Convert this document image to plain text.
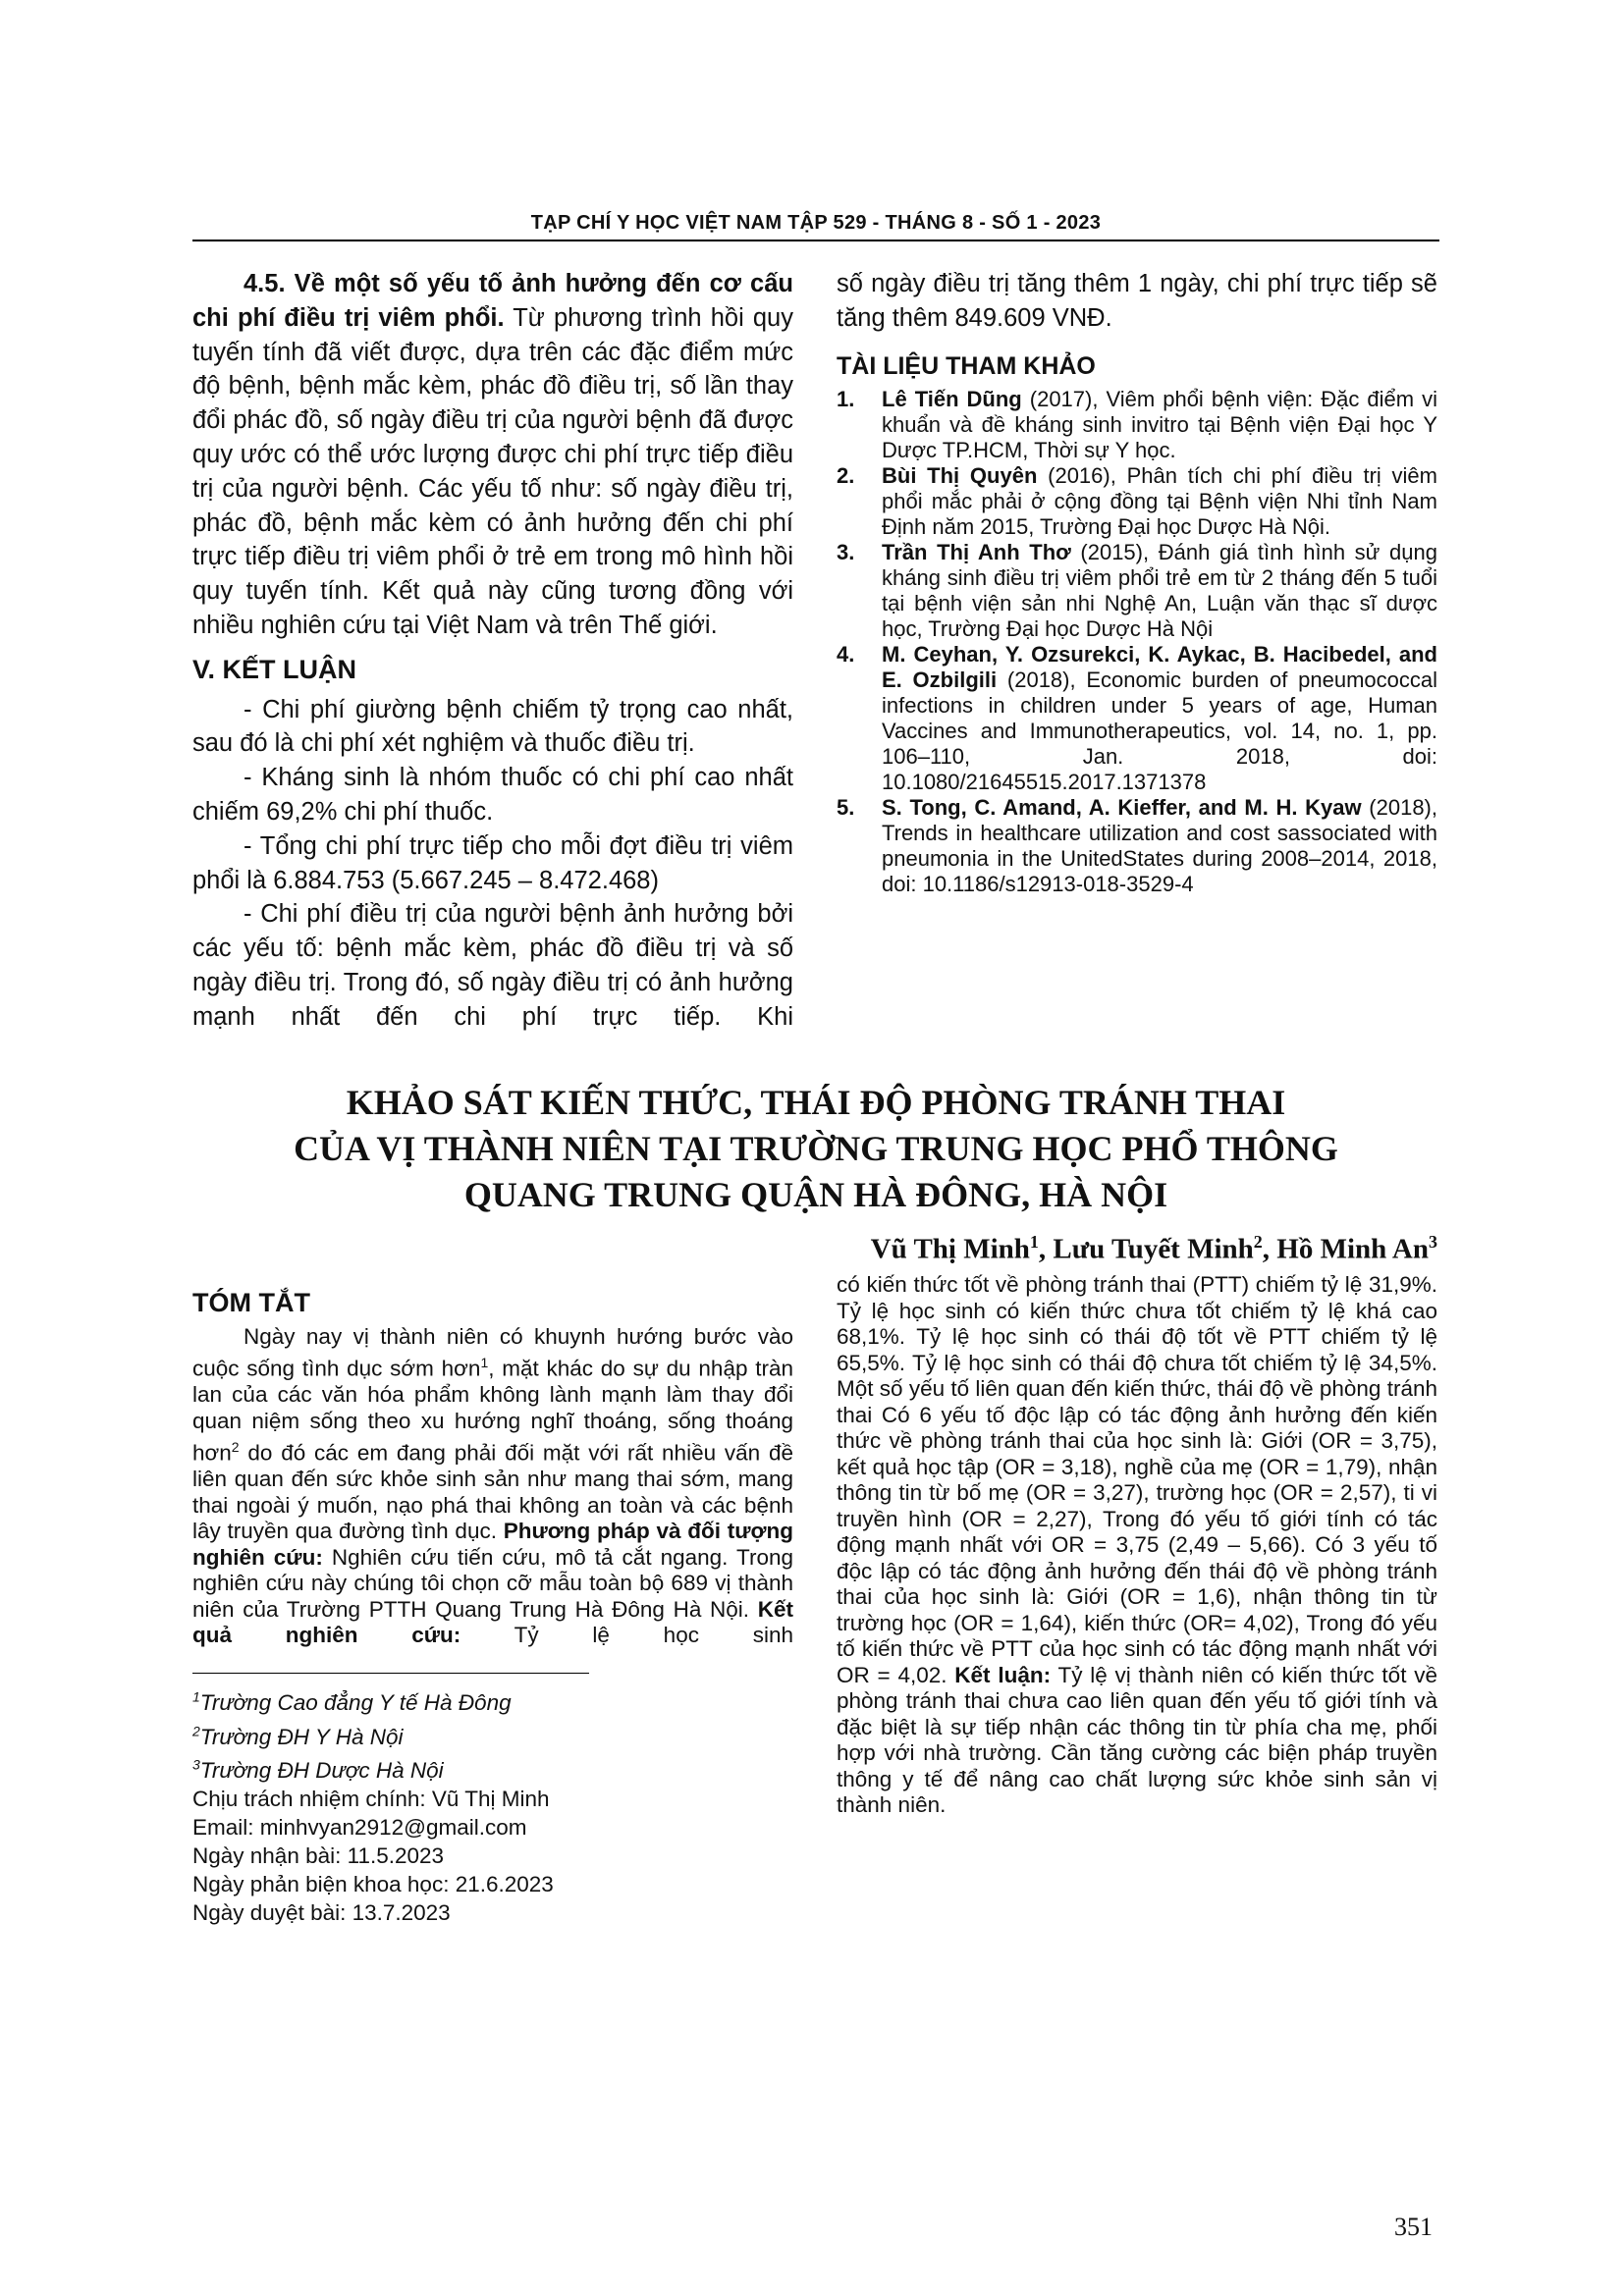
TẠP CHÍ Y HỌC VIỆT NAM TẬP 529 - THÁNG 8 - SỐ 1 - 2023

4.5. Về một số yếu tố ảnh hưởng đến cơ cấu chi phí điều trị viêm phổi. Từ phương trình hồi quy tuyến tính đã viết được, dựa trên các đặc điểm mức độ bệnh, bệnh mắc kèm, phác đồ điều trị, số lần thay đổi phác đồ, số ngày điều trị của người bệnh đã được quy ước có thể ước lượng được chi phí trực tiếp điều trị của người bệnh. Các yếu tố như: số ngày điều trị, phác đồ, bệnh mắc kèm có ảnh hưởng đến chi phí trực tiếp điều trị viêm phổi ở trẻ em trong mô hình hồi quy tuyến tính. Kết quả này cũng tương đồng với nhiều nghiên cứu tại Việt Nam và trên Thế giới.

V. KẾT LUẬN

- Chi phí giường bệnh chiếm tỷ trọng cao nhất, sau đó là chi phí xét nghiệm và thuốc điều trị.

- Kháng sinh là nhóm thuốc có chi phí cao nhất chiếm 69,2% chi phí thuốc.

- Tổng chi phí trực tiếp cho mỗi đợt điều trị viêm phổi là 6.884.753 (5.667.245 – 8.472.468)

- Chi phí điều trị của người bệnh ảnh hưởng bởi các yếu tố: bệnh mắc kèm, phác đồ điều trị và số ngày điều trị. Trong đó, số ngày điều trị có ảnh hưởng mạnh nhất đến chi phí trực tiếp. Khi

số ngày điều trị tăng thêm 1 ngày, chi phí trực tiếp sẽ tăng thêm 849.609 VNĐ.

TÀI LIỆU THAM KHẢO
1.	Lê Tiến Dũng (2017), Viêm phổi bệnh viện: Đặc điểm vi khuẩn và đề kháng sinh invitro tại Bệnh viện Đại học Y Dược TP.HCM, Thời sự Y học.
2.	Bùi Thị Quyên (2016), Phân tích chi phí điều trị viêm phổi mắc phải ở cộng đồng tại Bệnh viện Nhi tỉnh Nam Định năm 2015, Trường Đại học Dược Hà Nội.
3.	Trần Thị Anh Thơ (2015), Đánh giá tình hình sử dụng kháng sinh điều trị viêm phổi trẻ em từ 2 tháng đến 5 tuổi tại bệnh viện sản nhi Nghệ An, Luận văn thạc sĩ dược học, Trường Đại học Dược Hà Nội
4.	M. Ceyhan, Y. Ozsurekci, K. Aykac, B. Hacibedel, and E. Ozbilgili (2018), Economic burden of pneumococcal infections in children under 5 years of age, Human Vaccines and Immunotherapeutics, vol. 14, no. 1, pp. 106–110, Jan. 2018, doi: 10.1080/21645515.2017.1371378
5.	S. Tong, C. Amand, A. Kieffer, and M. H. Kyaw (2018), Trends in healthcare utilization and cost sassociated with pneumonia in the UnitedStates during 2008–2014, 2018, doi: 10.1186/s12913-018-3529-4
KHẢO SÁT KIẾN THỨC, THÁI ĐỘ PHÒNG TRÁNH THAI
CỦA VỊ THÀNH NIÊN TẠI TRƯỜNG TRUNG HỌC PHỔ THÔNG
QUANG TRUNG QUẬN HÀ ĐÔNG, HÀ NỘI
Vũ Thị Minh$^1$, Lưu Tuyết Minh$^2$, Hồ Minh An$^3$
TÓM TẮT

Ngày nay vị thành niên có khuynh hướng bước vào cuộc sống tình dục sớm hơn$^1$, mặt khác do sự du nhập tràn lan của các văn hóa phẩm không lành mạnh làm thay đổi quan niệm sống theo xu hướng nghĩ thoáng, sống thoáng hơn$^2$ do đó các em đang phải đối mặt với rất nhiều vấn đề liên quan đến sức khỏe sinh sản như mang thai sớm, mang thai ngoài ý muốn, nạo phá thai không an toàn và các bệnh lây truyền qua đường tình dục. Phương pháp và đối tượng nghiên cứu: Nghiên cứu tiến cứu, mô tả cắt ngang. Trong nghiên cứu này chúng tôi chọn cỡ mẫu toàn bộ 689 vị thành niên của Trường PTTH Quang Trung Hà Đông Hà Nội. Kết quả nghiên cứu: Tỷ lệ học sinh

$^1$Trường Cao đẳng Y tế Hà Đông

$^2$Trường ĐH Y Hà Nội

$^3$Trường ĐH Dược Hà Nội

Chịu trách nhiệm chính: Vũ Thị Minh

Email: minhvyan2912@gmail.com

Ngày nhận bài: 11.5.2023

Ngày phản biện khoa học: 21.6.2023

Ngày duyệt bài: 13.7.2023

có kiến thức tốt về phòng tránh thai (PTT) chiếm tỷ lệ 31,9%. Tỷ lệ học sinh có kiến thức chưa tốt chiếm tỷ lệ khá cao 68,1%. Tỷ lệ học sinh có thái độ tốt về PTT chiếm tỷ lệ 65,5%. Tỷ lệ học sinh có thái độ chưa tốt chiếm tỷ lệ 34,5%. Một số yếu tố liên quan đến kiến thức, thái độ về phòng tránh thai Có 6 yếu tố độc lập có tác động ảnh hưởng đến kiến thức về phòng tránh thai của học sinh là: Giới (OR = 3,75), kết quả học tập (OR = 3,18), nghề của mẹ (OR = 1,79), nhận thông tin từ bố mẹ (OR = 3,27), trường học (OR = 2,57), ti vi truyền hình (OR = 2,27), Trong đó yếu tố giới tính có tác động mạnh nhất với OR = 3,75 (2,49 – 5,66). Có 3 yếu tố độc lập có tác động ảnh hưởng đến thái độ về phòng tránh thai của học sinh là: Giới (OR = 1,6), nhận thông tin từ trường học (OR = 1,64), kiến thức (OR= 4,02), Trong đó yếu tố kiến thức về PTT của học sinh có tác động mạnh nhất với OR = 4,02. Kết luận: Tỷ lệ vị thành niên có kiến thức tốt về phòng tránh thai chưa cao liên quan đến yếu tố giới tính và đặc biệt là sự tiếp nhận các thông tin từ phía cha mẹ, phối hợp với nhà trường. Cần tăng cường các biện pháp truyền thông y tế để nâng cao chất lượng sức khỏe sinh sản vị thành niên.

351
